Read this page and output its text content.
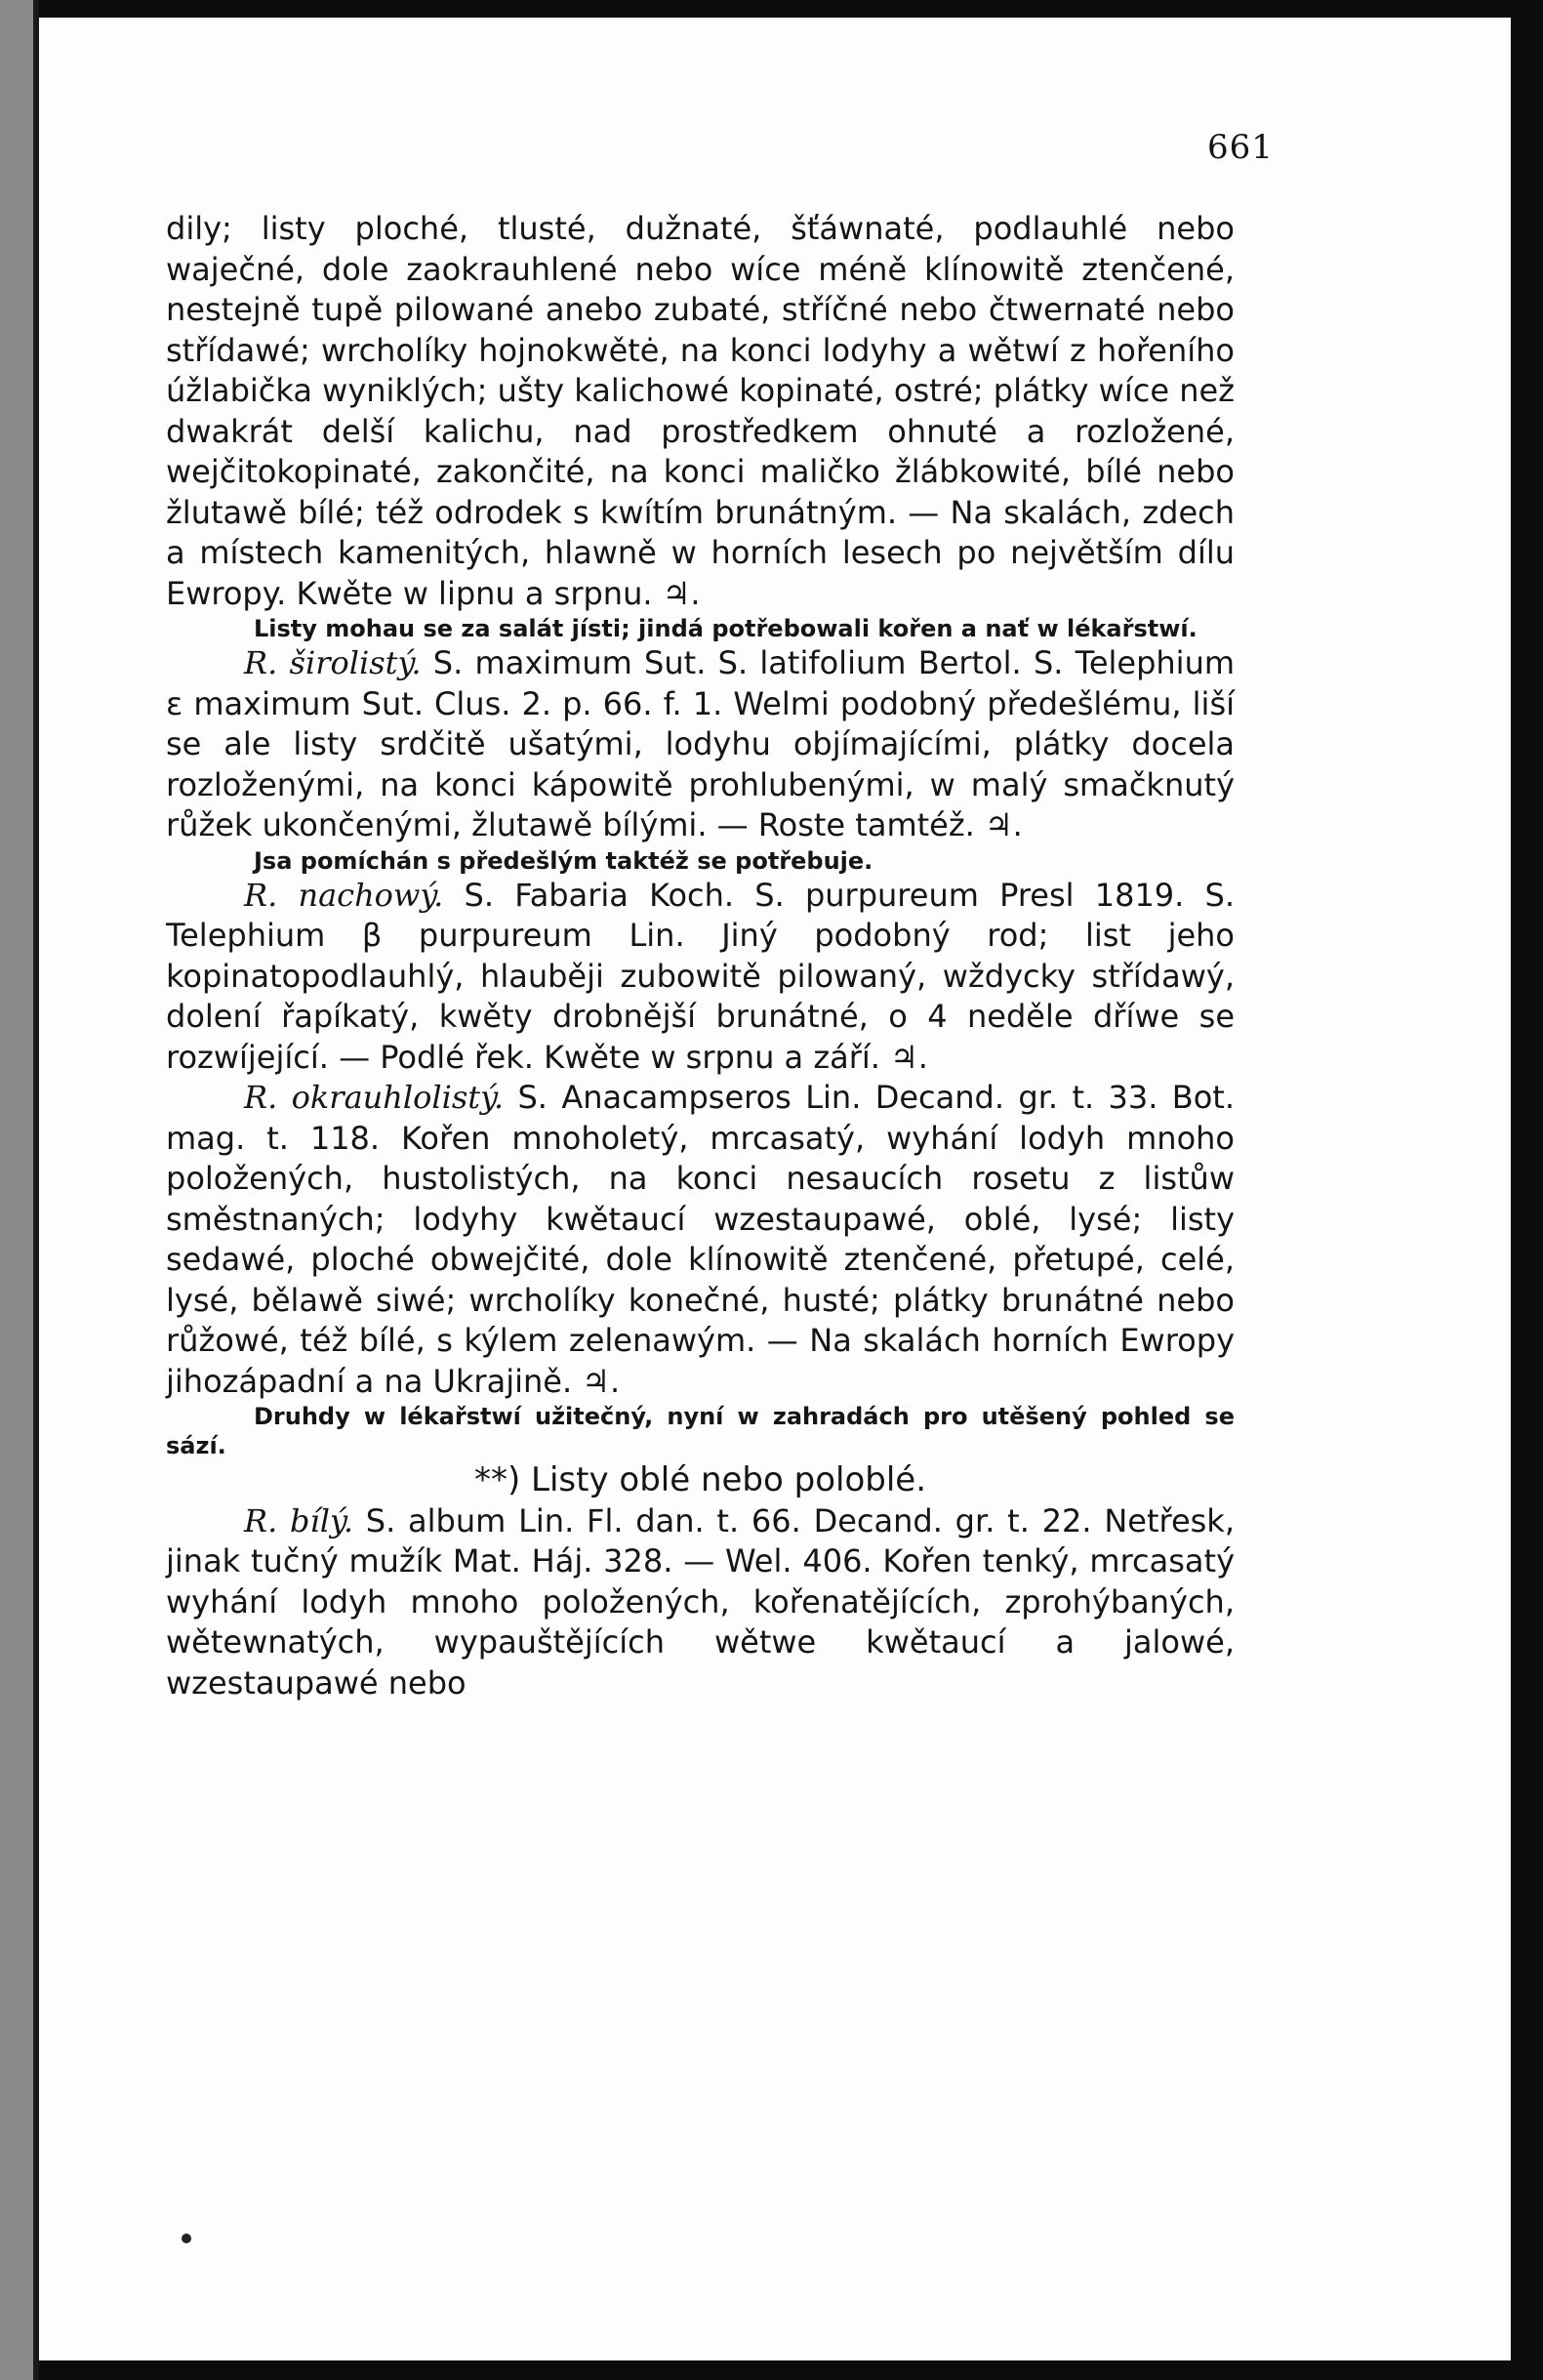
661

dily; listy ploché, tlusté, dužnaté, šťáwnaté, podlauhlé nebo waječné, dole zaokrauhlené nebo wíce méně klínowitě ztenčené, nestejně tupě pilowané anebo zubaté, stříčné nebo čtwernaté nebo střídawé; wrcholíky hojnokwětė, na konci lodyhy a wětwí z hořeního úžlabička wyniklých; ušty kalichowé kopinaté, ostré; plátky wíce než dwakrát delší kalichu, nad prostředkem ohnuté a rozložené, wejčitokopinaté, zakončité, na konci maličko žlábkowité, bílé nebo žlutawě bílé; též odrodek s kwítím brunátným. — Na skalách, zdech a místech kamenitých, hlawně w horních lesech po největším dílu Ewropy. Kwěte w lipnu a srpnu. ♃.

Listy mohau se za salát jísti; jindá potřebowali kořen a nať w lékařstwí.

R. širolistý. S. maximum Sut. S. latifolium Bertol. S. Telephium ε maximum Sut. Clus. 2. p. 66. f. 1. Welmi podobný předešlému, liší se ale listy srdčitě ušatými, lodyhu objímajícími, plátky docela rozloženými, na konci kápowitě prohlubenými, w malý smačknutý růžek ukončenými, žlutawě bílými. — Roste tamtéž. ♃.

Jsa pomíchán s předešlým taktéž se potřebuje.

R. nachowý. S. Fabaria Koch. S. purpureum Presl 1819. S. Telephium β purpureum Lin. Jiný podobný rod; list jeho kopinatopodlauhlý, hlauběji zubowitě pilowaný, wždycky střídawý, dolení řapíkatý, kwěty drobnější brunátné, o 4 neděle dříwe se rozwíjející. — Podlé řek. Kwěte w srpnu a září. ♃.

R. okrauhlolistý. S. Anacampseros Lin. Decand. gr. t. 33. Bot. mag. t. 118. Kořen mnoholetý, mrcasatý, wyhání lodyh mnoho položených, hustolistých, na konci nesaucích rosetu z listůw směstnaných; lodyhy kwětaucí wzestaupawé, oblé, lysé; listy sedawé, ploché obwejčité, dole klínowitě ztenčené, přetupé, celé, lysé, bělawě siwé; wrcholíky konečné, husté; plátky brunátné nebo růžowé, též bílé, s kýlem zelenawým. — Na skalách horních Ewropy jihozápadní a na Ukrajině. ♃.

Druhdy w lékařstwí užitečný, nyní w zahradách pro utěšený pohled se sází.

**) Listy oblé nebo poloblé.

R. bílý. S. album Lin. Fl. dan. t. 66. Decand. gr. t. 22. Netřesk, jinak tučný mužík Mat. Háj. 328. — Wel. 406. Kořen tenký, mrcasatý wyhání lodyh mnoho položených, kořenatějících, zprohýbaných, wětewnatých, wypauštějících wětwe kwětaucí a jalowé, wzestaupawé nebo
